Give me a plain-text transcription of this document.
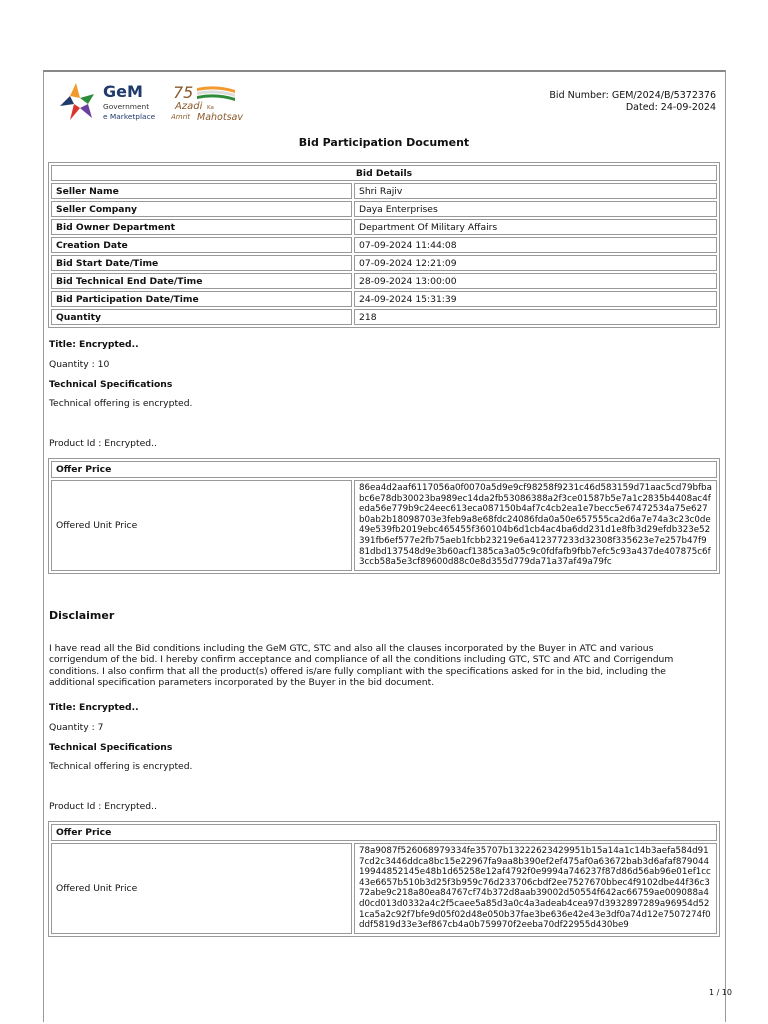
GeM
Government
e Marketplace
75
Azadi Ka
Amrit Mahotsav
Bid Number: GEM/2024/B/5372376
Dated: 24-09-2024
Bid Participation Document
Bid Details	
Seller Name	Shri Rajiv
Seller Company	Daya Enterprises
Bid Owner Department	Department Of Military Affairs
Creation Date	07-09-2024 11:44:08
Bid Start Date/Time	07-09-2024 12:21:09
Bid Technical End Date/Time	28-09-2024 13:00:00
Bid Participation Date/Time	24-09-2024 15:31:39
Quantity	218
Title: Encrypted..
Quantity : 10
Technical Specifications
Technical offering is encrypted.
Product Id : Encrypted..
Offer Price
Offered Unit Price	86ea4d2aaf6117056a0f0070a5d9e9cf98258f9231c46d583159d71aac5cd79bfbabc6e78db30023ba989ec14da2fb53086388a2f3ce01587b5e7a1c2835b4408ac4feda56e779b9c24eec613eca087150b4af7c4cb2ea1e7becc5e67472534a75e627b0ab2b18098703e3feb9a8e68fdc24086fda0a50e657555ca2d6a7e74a3c23c0de49e539fb2019ebc465455f360104b6d1cb4ac4ba6dd231d1e8fb3d29efdb323e52391fb6ef577e2fb75aeb1fcbb23219e6a412377233d32308f335623e7e257b47f981dbd137548d9e3b60acf1385ca3a05c9c0fdfafb9fbb7efc5c93a437de407875c6f3ccb58a5e3cf89600d88c0e8d355d779da71a37af49a79fc
Disclaimer
I have read all the Bid conditions including the GeM GTC, STC and also all the clauses incorporated by the Buyer in ATC and various corrigendum of the bid. I hereby confirm acceptance and compliance of all the conditions including GTC, STC and ATC and Corrigendum conditions. I also confirm that all the product(s) offered is/are fully compliant with the specifications asked for in the bid, including the additional specification parameters incorporated by the Buyer in the bid document.
Title: Encrypted..
Quantity : 7
Technical Specifications
Technical offering is encrypted.
Product Id : Encrypted..
Offer Price
Offered Unit Price	78a9087f526068979334fe35707b13222623429951b15a14a1c14b3aefa584d917cd2c3446ddca8bc15e22967fa9aa8b390ef2ef475af0a63672bab3d6afaf87904419944852145e48b1d65258e12af4792f0e9994a746237f87d86d56ab96e01ef1cc43e6657b510b3d25f3b959c76d233706cbdf2ee7527670bbec4f9102dbe44f36c372abe9c218a80ea84767cf74b372d8aab39002d50554f642ac66759ae009088a4d0cd013d0332a4c2f5caee5a85d3a0c4a3adeab4cea97d3932897289a96954d521ca5a2c92f7bfe9d05f02d48e050b37fae3be636e42e43e3df0a74d12e7507274f0ddf5819d33e3ef867cb4a0b759970f2eeba70df22955d430be9
1 / 10
